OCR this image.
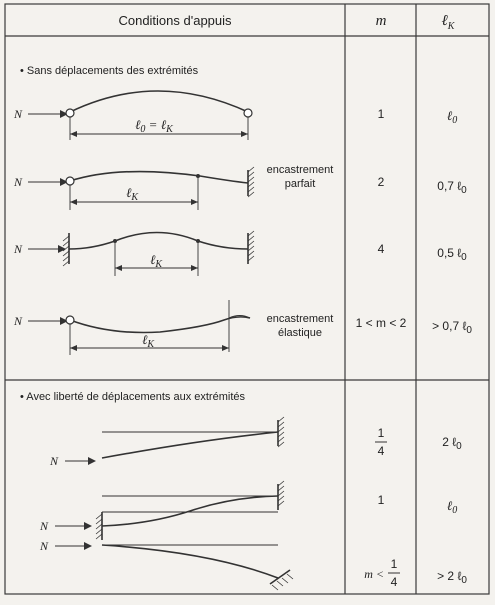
Conditions d'appuis	m	ℓ$_K$
• Sans déplacements des extrémités
• Avec liberté de déplacements aux extrémités
N
ℓ$_0$ = ℓ$_K$
N
ℓ$_K$
encastrement
parfait
N
ℓ$_K$
N
ℓ$_K$
encastrement
élastique
N
N
N
1
2
4
1 < m < 2
1
4
1
m <
1
4
ℓ$_0$
0,7 ℓ$_0$
0,5 ℓ$_0$
> 0,7 ℓ$_0$
2 ℓ$_0$
ℓ$_0$
> 2 ℓ$_0$
